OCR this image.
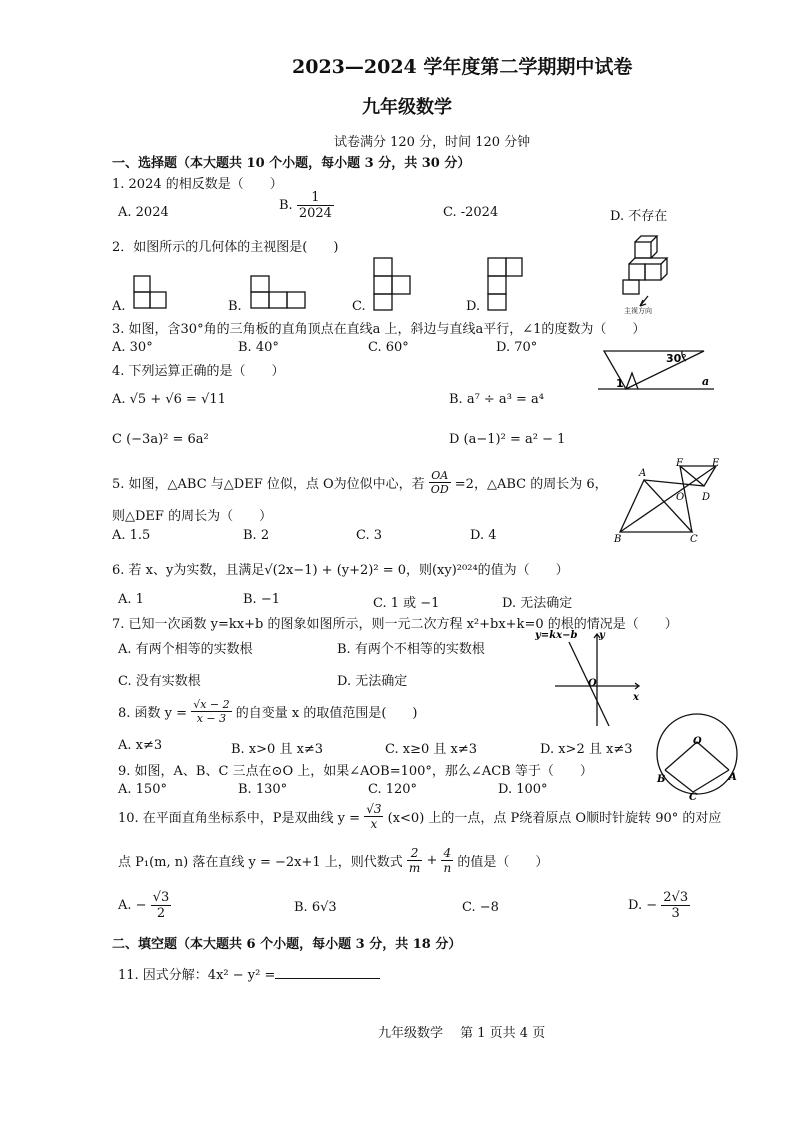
2023—2024 学年度第二学期期中试卷
九年级数学
试卷满分 120 分，时间 120 分钟
一、选择题（本大题共 10 个小题，每小题 3 分，共 30 分）
1. 2024 的相反数是（　　）
A. 2024	B. $\frac{1}{2024}$	C. -2024	D. 不存在
2．如图所示的几何体的主视图是(　　)
A.	B.	C.	D.	主视方向
3. 如图，含30°角的三角板的直角顶点在直线a 上，斜边与直线a平行，∠1的度数为（　　）
A. 30°	B. 40°	C. 60°	D. 70°
30°
1	a
4. 下列运算正确的是（　　）
A. √5 + √6 = √11	B. a⁷ ÷ a³ = a⁴
C (−3a)² = 6a²	D (a−1)² = a² − 1
5. 如图，△ABC 与△DEF 位似，点 O为位似中心，若 $\frac{OA}{OD} =2$，△ABC 的周长为 6，
则△DEF 的周长为（　　）
A. 1.5	B. 2	C. 3	D. 4
A
F	E
O D
B	C
6. 若 x、y为实数，且满足√(2x−1) + (y+2)² = 0，则(xy)²⁰²⁴的值为（　　）
A. 1	B. −1	C. 1 或 −1	D. 无法确定
7. 已知一次函数 y=kx+b 的图象如图所示，则一元二次方程 x²+bx+k=0 的根的情况是（　　）
A. 有两个相等的实数根	B. 有两个不相等的实数根
C. 没有实数根	D. 无法确定
y=kx−b y
O
x
8. 函数 $y = \frac{√x - 2}{x - 3}$ 的自变量 x 的取值范围是(　　)
A. x≠3	B. x>0 且 x≠3	C. x≥0 且 x≠3	D. x>2 且 x≠3
9. 如图，A、B、C 三点在⊙O 上，如果∠AOB=100°，那么∠ACB 等于（　　）
A. 150°	B. 130°	C. 120°	D. 100°
O
A
B
C
10. 在平面直角坐标系中，P是双曲线 $y = \frac{√3}{x} (x<0)$ 上的一点，点 P绕着原点 O顺时针旋转 90° 的对应
点 P₁(m, n) 落在直线 y = −2x+1 上，则代数式 $\frac{2}{m} + \frac{4}{n}$ 的值是（　　）
A. − $\frac{√3}{2}$	B. 6√3	C. −8	D. − $\frac{2√3}{3}$
二、填空题（本大题共 6 个小题，每小题 3 分，共 18 分）
11. 因式分解：4x² − y² =
九年级数学　 第 1 页共 4 页
